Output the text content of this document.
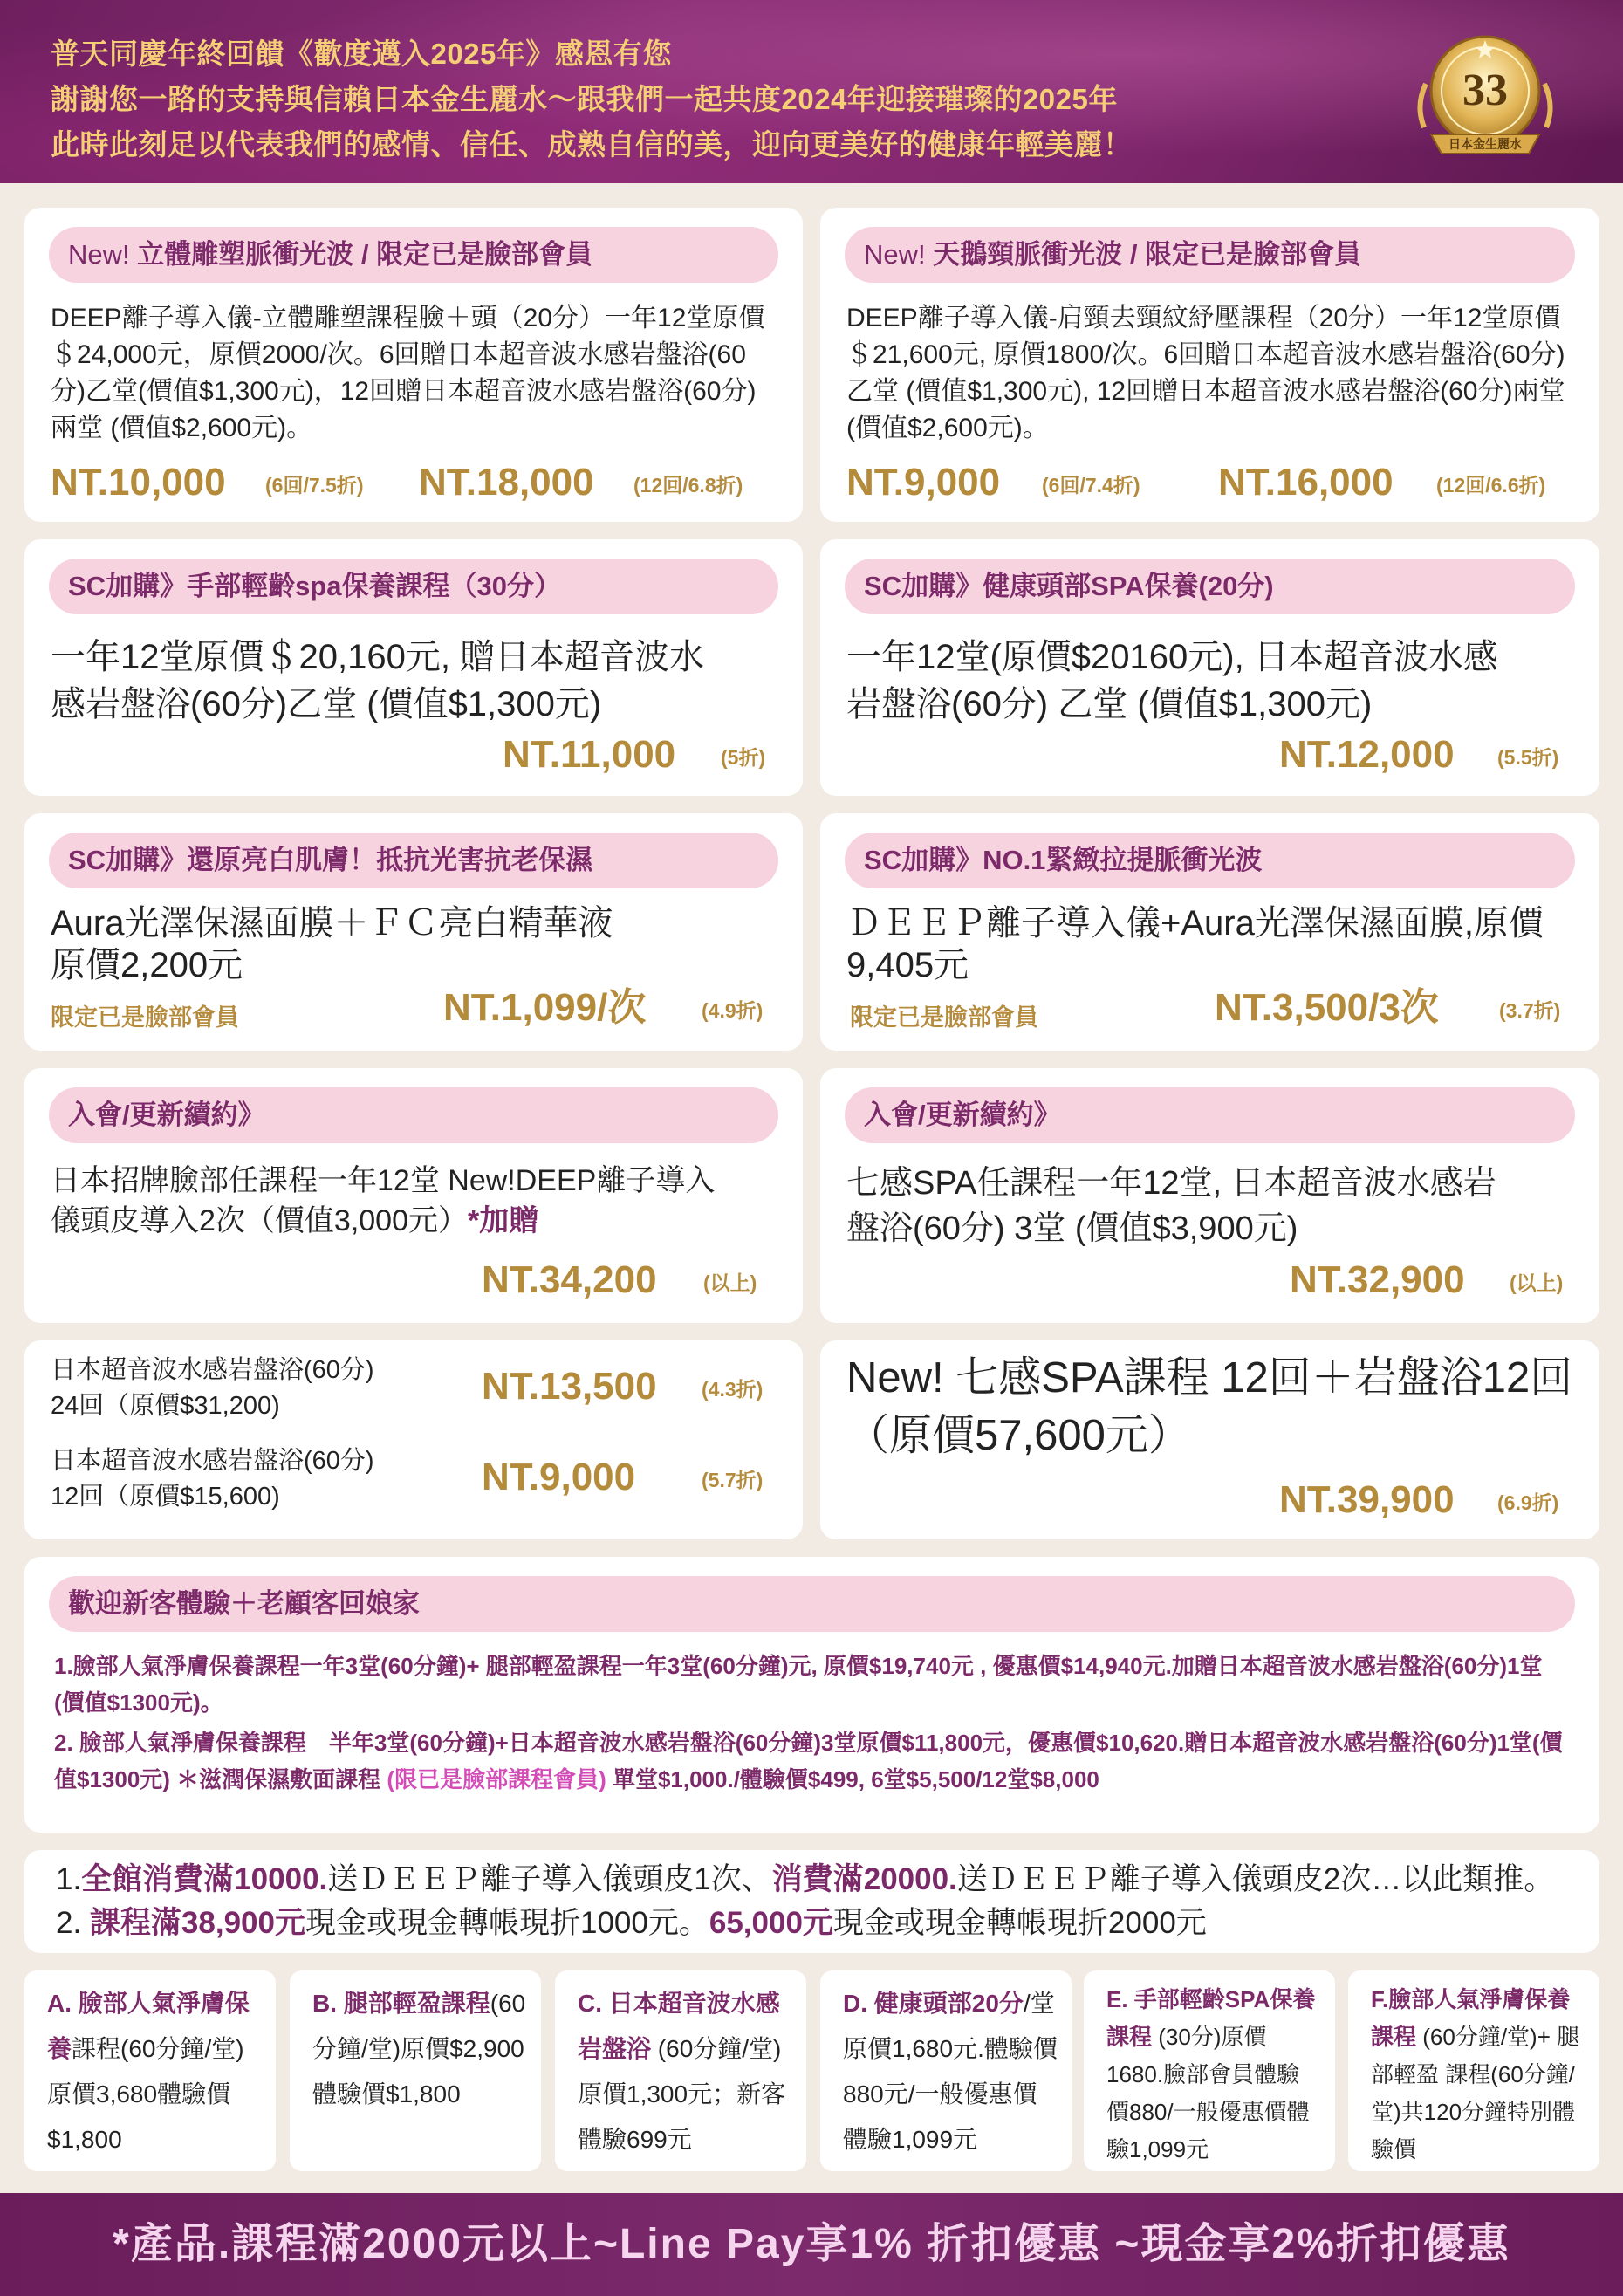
普天同慶年終回饋《歡度邁入2025年》感恩有您
謝謝您一路的支持與信賴日本金生麗水～跟我們一起共度2024年迎接璀璨的2025年
此時此刻足以代表我們的感情、信任、成熟自信的美，迎向更美好的健康年輕美麗！
33
日本金生麗水
New! 立體雕塑脈衝光波 / 限定已是臉部會員
DEEP離子導入儀-立體雕塑課程臉＋頭（20分）一年12堂原價＄24,000元，原價2000/次。6回贈日本超音波水感岩盤浴(60分)乙堂(價值$1,300元)，12回贈日本超音波水感岩盤浴(60分)兩堂 (價值$2,600元)。
NT.10,000 (6回/7.5折) NT.18,000 (12回/6.8折)
New! 天鵝頸脈衝光波 / 限定已是臉部會員
DEEP離子導入儀-肩頸去頸紋紓壓課程（20分）一年12堂原價＄21,600元, 原價1800/次。6回贈日本超音波水感岩盤浴(60分)乙堂 (價值$1,300元), 12回贈日本超音波水感岩盤浴(60分)兩堂 (價值$2,600元)。
NT.9,000 (6回/7.4折) NT.16,000 (12回/6.6折)
SC加購》手部輕齡spa保養課程（30分）
一年12堂原價＄20,160元, 贈日本超音波水感岩盤浴(60分)乙堂 (價值$1,300元)
NT.11,000 (5折)
SC加購》健康頭部SPA保養(20分)
一年12堂(原價$20160元), 日本超音波水感岩盤浴(60分) 乙堂 (價值$1,300元)
NT.12,000 (5.5折)
SC加購》還原亮白肌膚！抵抗光害抗老保濕
Aura光澤保濕面膜＋ＦＣ亮白精華液原價2,200元
限定已是臉部會員	NT.1,099/次	(4.9折)
SC加購》NO.1緊緻拉提脈衝光波
ＤＥＥＰ離子導入儀+Aura光澤保濕面膜,原價9,405元
限定已是臉部會員	NT.3,500/3次	(3.7折)
入會/更新續約》
日本招牌臉部任課程一年12堂 New!DEEP離子導入儀頭皮導入2次（價值3,000元）*加贈
NT.34,200 (以上)
入會/更新續約》
七感SPA任課程一年12堂, 日本超音波水感岩盤浴(60分) 3堂 (價值$3,900元)
NT.32,900 (以上)
日本超音波水感岩盤浴(60分)
24回（原價$31,200)	NT.13,500 (4.3折)
日本超音波水感岩盤浴(60分)
12回（原價$15,600)	NT.9,000	(5.7折)
New! 七感SPA課程 12回＋岩盤浴12回（原價57,600元）
NT.39,900 (6.9折)
歡迎新客體驗＋老顧客回娘家
1.臉部人氣淨膚保養課程一年3堂(60分鐘)+ 腿部輕盈課程一年3堂(60分鐘)元, 原價$19,740元 , 優惠價$14,940元.加贈日本超音波水感岩盤浴(60分)1堂(價值$1300元)。
2. 臉部人氣淨膚保養課程　半年3堂(60分鐘)+日本超音波水感岩盤浴(60分鐘)3堂原價$11,800元，優惠價$10,620.贈日本超音波水感岩盤浴(60分)1堂(價值$1300元) ＊滋潤保濕敷面課程 (限已是臉部課程會員) 單堂$1,000./體驗價$499, 6堂$5,500/12堂$8,000
1.全館消費滿10000.送ＤＥＥＰ離子導入儀頭皮1次、消費滿20000.送ＤＥＥＰ離子導入儀頭皮2次…以此類推。
2. 課程滿38,900元現金或現金轉帳現折1000元。65,000元現金或現金轉帳現折2000元
A. 臉部人氣淨膚保養課程(60分鐘/堂)原價3,680體驗價$1,800
B. 腿部輕盈課程(60分鐘/堂)原價$2,900體驗價$1,800
C. 日本超音波水感岩盤浴 (60分鐘/堂)原價1,300元；新客體驗699元
D. 健康頭部20分/堂原價1,680元.體驗價880元/一般優惠價體驗1,099元
E. 手部輕齡SPA保養課程 (30分)原價1680.臉部會員體驗價880/一般優惠價體驗1,099元
F.臉部人氣淨膚保養課程 (60分鐘/堂)+ 腿部輕盈 課程(60分鐘/堂)共120分鐘特別體驗價
*產品.課程滿2000元以上~Line Pay享1% 折扣優惠 ~現金享2%折扣優惠
